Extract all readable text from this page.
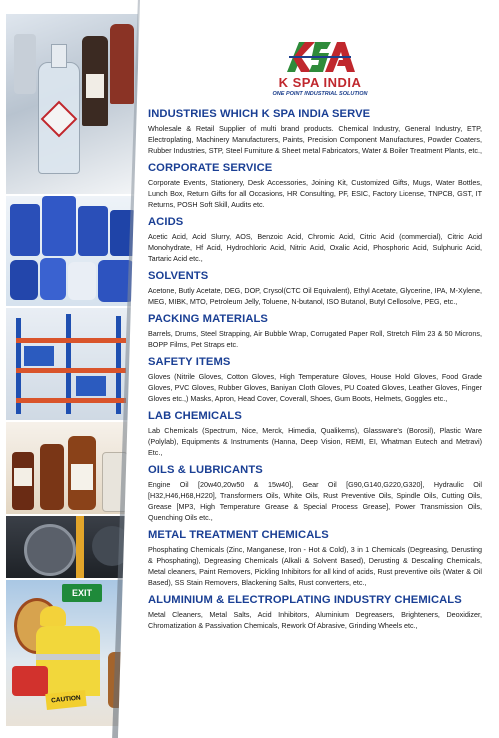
EXIT
CAUTION
K SPA INDIA
ONE POINT INDUSTRIAL SOLUTION
INDUSTRIES WHICH K SPA INDIA SERVE

Wholesale & Retail Supplier of multi brand products. Chemical Industry, General Industry, ETP, Electroplating, Machinery Manufacturers, Paints, Precision Component Manufactures, Powder Coaters, Rubber Industries, STP, Steel Furniture & Sheet metal Fabricators, Water & Boiler Treatment Plants, etc.,

CORPORATE SERVICE

Corporate Events, Stationery, Desk Accessories, Joining Kit, Customized Gifts, Mugs, Water Bottles, Lunch Box, Return Gifts for all Occasions, HR Consulting, PF, ESIC, Factory License, TNPCB, GST, IT Returns, POSH Soft Skill, Audits etc.

ACIDS

Acetic Acid, Acid Slurry, AOS, Benzoic Acid, Chromic Acid, Citric Acid (commercial), Citric Acid Monohydrate, Hf Acid, Hydrochloric Acid, Nitric Acid, Oxalic Acid, Phosphoric Acid, Sulphuric Acid, Tartaric Acid etc.,

SOLVENTS

Acetone, Butly Acetate, DEG, DOP, Crysol(CTC Oil Equivalent), Ethyl Acetate, Glycerine, IPA, M-Xylene, MEG, MIBK, MTO, Petroleum Jelly, Toluene, N-butanol, ISO Butanol, Butyl Cellosolve, PEG, etc.,

PACKING MATERIALS

Barrels, Drums, Steel Strapping, Air Bubble Wrap, Corrugated Paper Roll, Stretch Film 23 & 50 Microns, BOPP Films, Pet Straps etc.

SAFETY ITEMS

Gloves (Nitrile Gloves, Cotton Gloves, High Temperature Gloves, House Hold Gloves, Food Grade Gloves, PVC Gloves, Rubber Gloves, Baniyan Cloth Gloves, PU Coated Gloves, Leather Gloves, Finger Gloves etc.,) Masks, Apron, Head Cover, Coverall, Shoes, Gum Boots, Helmets, Goggles etc.,

LAB CHEMICALS

Lab Chemicals (Spectrum, Nice, Merck, Himedia, Qualikems), Glassware's (Borosil), Plastic Ware (Polylab), Equipments & Instruments (Hanna, Deep Vision, REMI, EI, Whatman Eutech and Metravi) Etc.,

OILS & LUBRICANTS

Engine Oil [20w40,20w50 & 15w40], Gear Oil [G90,G140,G220,G320], Hydraulic Oil [H32,H46,H68,H220], Transformers Oils, White Oils, Rust Preventive Oils, Spindle Oils, Cutting Oils, Grease [MP3, High Temperature Grease & Special Process Grease], Power Transmission Oils, Quenching Oils etc.,

METAL TREATMENT CHEMICALS

Phosphating Chemicals (Zinc, Manganese, Iron - Hot & Cold), 3 in 1 Chemicals (Degreasing, Derusting & Phosphating), Degreasing Chemicals (Alkali & Solvent Based), Derusting & Descaling Chemicals, Metal cleaners, Paint Removers, Pickling Inhibitors for all kind of acids, Rust preventive oils (Water & Oil Based), SS Stain Removers, Blackening Salts, Rust converters, etc.,

ALUMINIUM & ELECTROPLATING INDUSTRY CHEMICALS

Metal Cleaners, Metal Salts, Acid Inhibitors, Aluminium Degreasers, Brighteners, Deoxidizer, Chromatization & Passivation Chemicals, Rework Of Abrasive, Grinding Wheels etc.,
